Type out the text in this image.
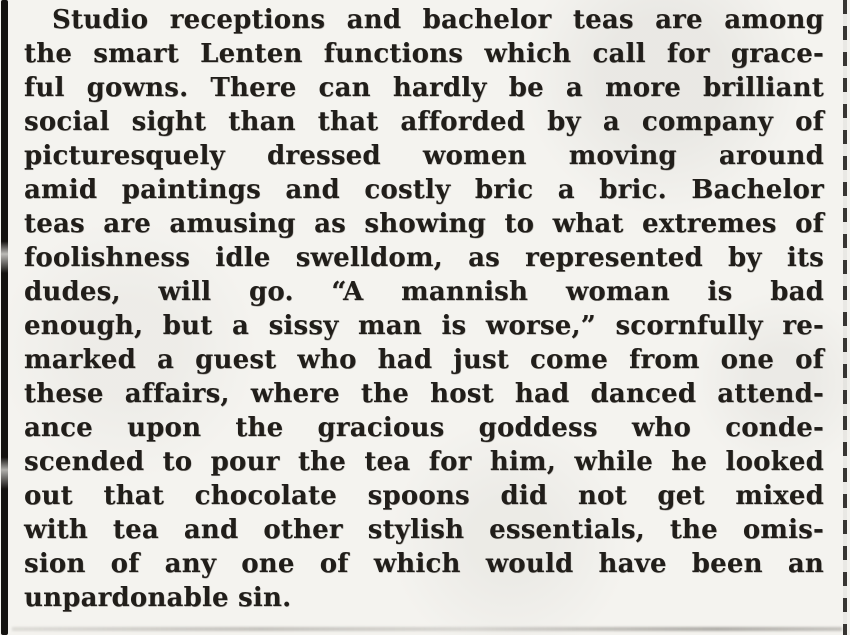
Studio receptions and bachelor teas are among
the smart Lenten functions which call for grace-
ful gowns. There can hardly be a more brilliant
social sight than that afforded by a company of
picturesquely dressed women moving around
amid paintings and costly bric a bric. Bachelor
teas are amusing as showing to what extremes of
foolishness idle swelldom, as represented by its
dudes, will go. “A mannish woman is bad
enough, but a sissy man is worse,” scornfully re-
marked a guest who had just come from one of
these affairs, where the host had danced attend-
ance upon the gracious goddess who conde-
scended to pour the tea for him, while he looked
out that chocolate spoons did not get mixed
with tea and other stylish essentials, the omis-
sion of any one of which would have been an
unpardonable sin.
